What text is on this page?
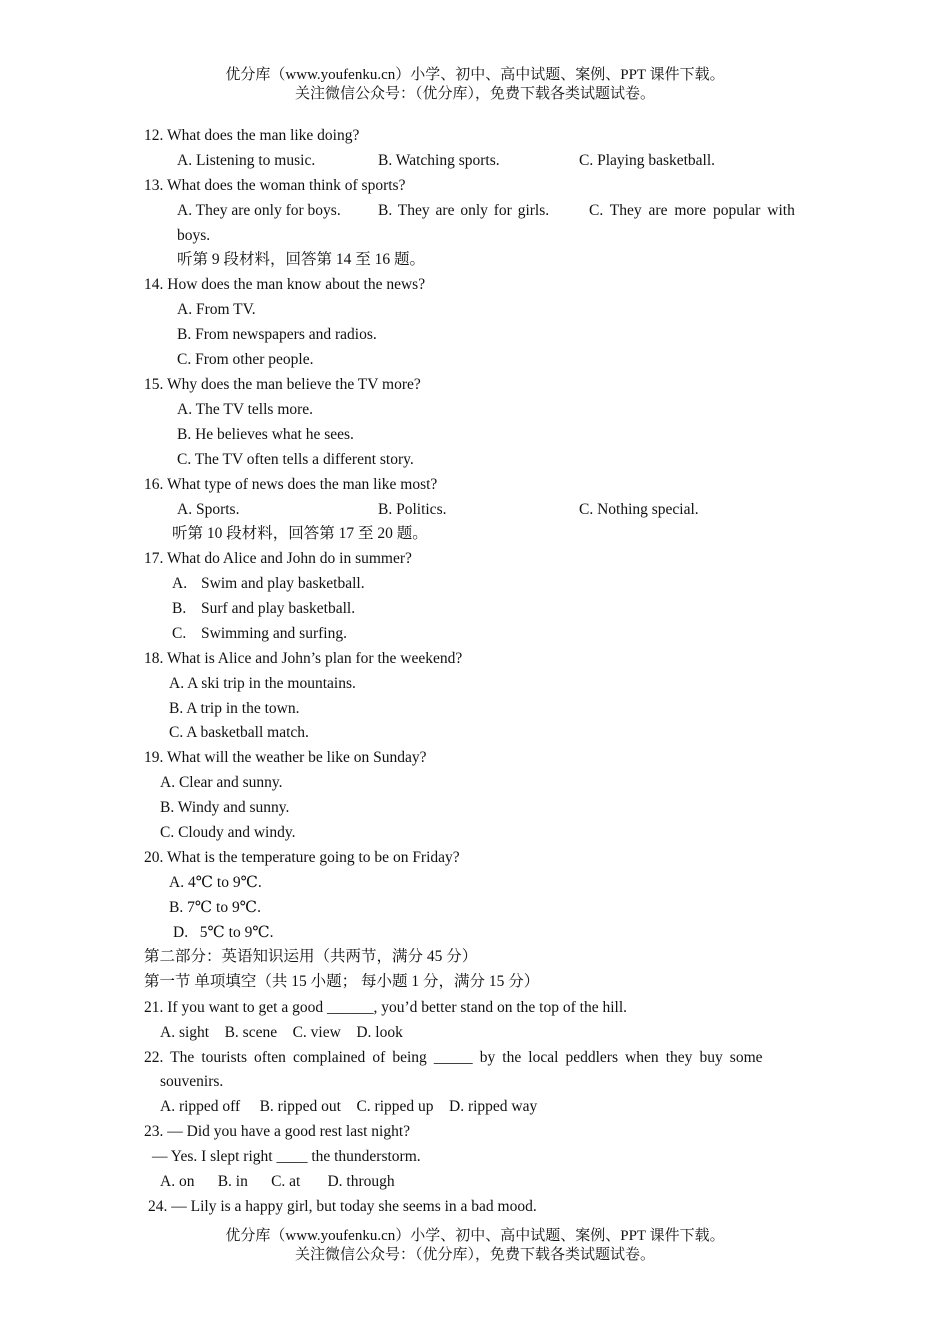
优分库（www.youfenku.cn）小学、初中、高中试题、案例、PPT 课件下载。
关注微信公众号：（优分库），免费下载各类试题试卷。
12. What does the man like doing?
A. Listening to music.	B. Watching sports.	C. Playing basketball.
13. What does the woman think of sports?
A. They are only for boys. B. They are only for girls.	C. They are more popular with
boys.
听第 9 段材料，回答第 14 至 16 题。
14. How does the man know about the news?
A. From TV.
B. From newspapers and radios.
C. From other people.
15. Why does the man believe the TV more?
A. The TV tells more.
B. He believes what he sees.
C. The TV often tells a different story.
16. What type of news does the man like most?
A. Sports.	B. Politics.	C. Nothing special.
听第 10 段材料，回答第 17 至 20 题。
17. What do Alice and John do in summer?
A. Swim and play basketball.
B. Surf and play basketball.
C. Swimming and surfing.
18. What is Alice and John’s plan for the weekend?
A. A ski trip in the mountains.
B. A trip in the town.
C. A basketball match.
19. What will the weather be like on Sunday?
A. Clear and sunny.
B. Windy and sunny.
C. Cloudy and windy.
20. What is the temperature going to be on Friday?
A. 4℃ to 9℃.
B. 7℃ to 9℃.
D.   5℃ to 9℃.
第二部分：英语知识运用（共两节，满分 45 分）
第一节 单项填空（共 15 小题； 每小题 1 分，满分 15 分）
21. If you want to get a good ______, you’d better stand on the top of the hill.
A. sight    B. scene    C. view    D. look
22. The tourists often complained of being _____ by the local peddlers when they buy some
souvenirs.
A. ripped off     B. ripped out    C. ripped up    D. ripped way
23. — Did you have a good rest last night?
— Yes. I slept right ____ the thunderstorm.
A. on      B. in      C. at       D. through
24. — Lily is a happy girl, but today she seems in a bad mood.
优分库（www.youfenku.cn）小学、初中、高中试题、案例、PPT 课件下载。
关注微信公众号：（优分库），免费下载各类试题试卷。
